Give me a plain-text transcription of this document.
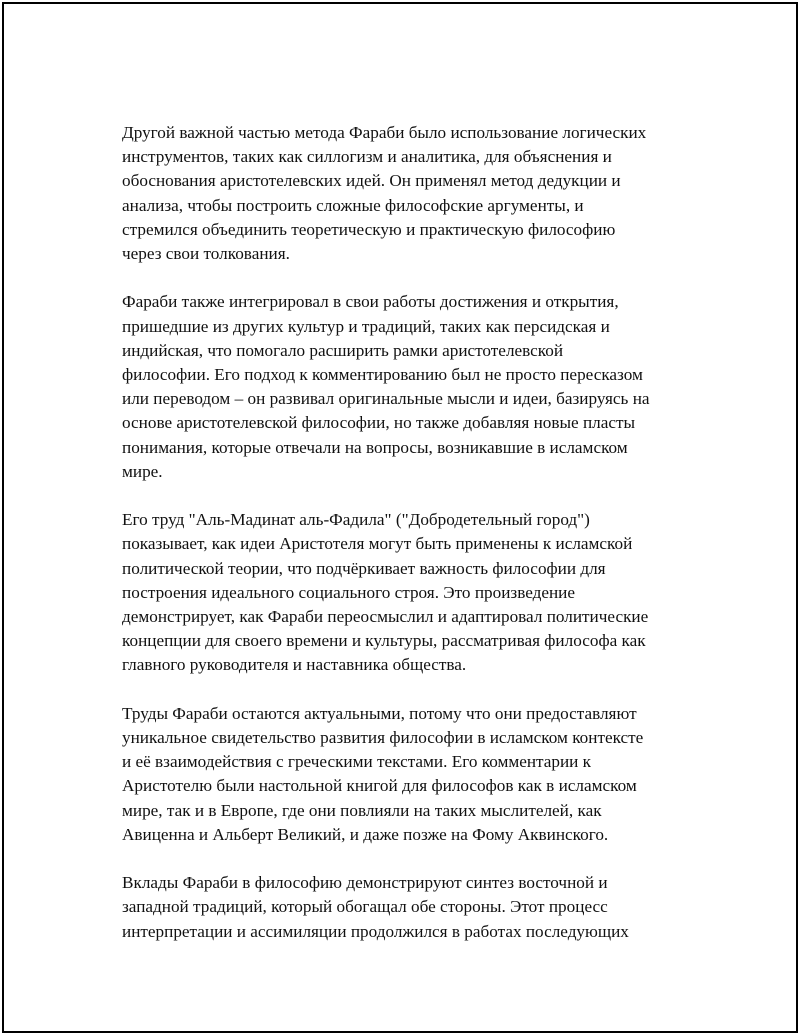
Другой важной частью метода Фараби было использование логических
инструментов, таких как силлогизм и аналитика, для объяснения и
обоснования аристотелевских идей. Он применял метод дедукции и
анализа, чтобы построить сложные философские аргументы, и
стремился объединить теоретическую и практическую философию
через свои толкования.

Фараби также интегрировал в свои работы достижения и открытия,
пришедшие из других культур и традиций, таких как персидская и
индийская, что помогало расширить рамки аристотелевской
философии. Его подход к комментированию был не просто пересказом
или переводом – он развивал оригинальные мысли и идеи, базируясь на
основе аристотелевской философии, но также добавляя новые пласты
понимания, которые отвечали на вопросы, возникавшие в исламском
мире.

Его труд "Аль-Мадинат аль-Фадила" ("Добродетельный город")
показывает, как идеи Аристотеля могут быть применены к исламской
политической теории, что подчёркивает важность философии для
построения идеального социального строя. Это произведение
демонстрирует, как Фараби переосмыслил и адаптировал политические
концепции для своего времени и культуры, рассматривая философа как
главного руководителя и наставника общества.

Труды Фараби остаются актуальными, потому что они предоставляют
уникальное свидетельство развития философии в исламском контексте
и её взаимодействия с греческими текстами. Его комментарии к
Аристотелю были настольной книгой для философов как в исламском
мире, так и в Европе, где они повлияли на таких мыслителей, как
Авиценна и Альберт Великий, и даже позже на Фому Аквинского.

Вклады Фараби в философию демонстрируют синтез восточной и
западной традиций, который обогащал обе стороны. Этот процесс
интерпретации и ассимиляции продолжился в работах последующих
